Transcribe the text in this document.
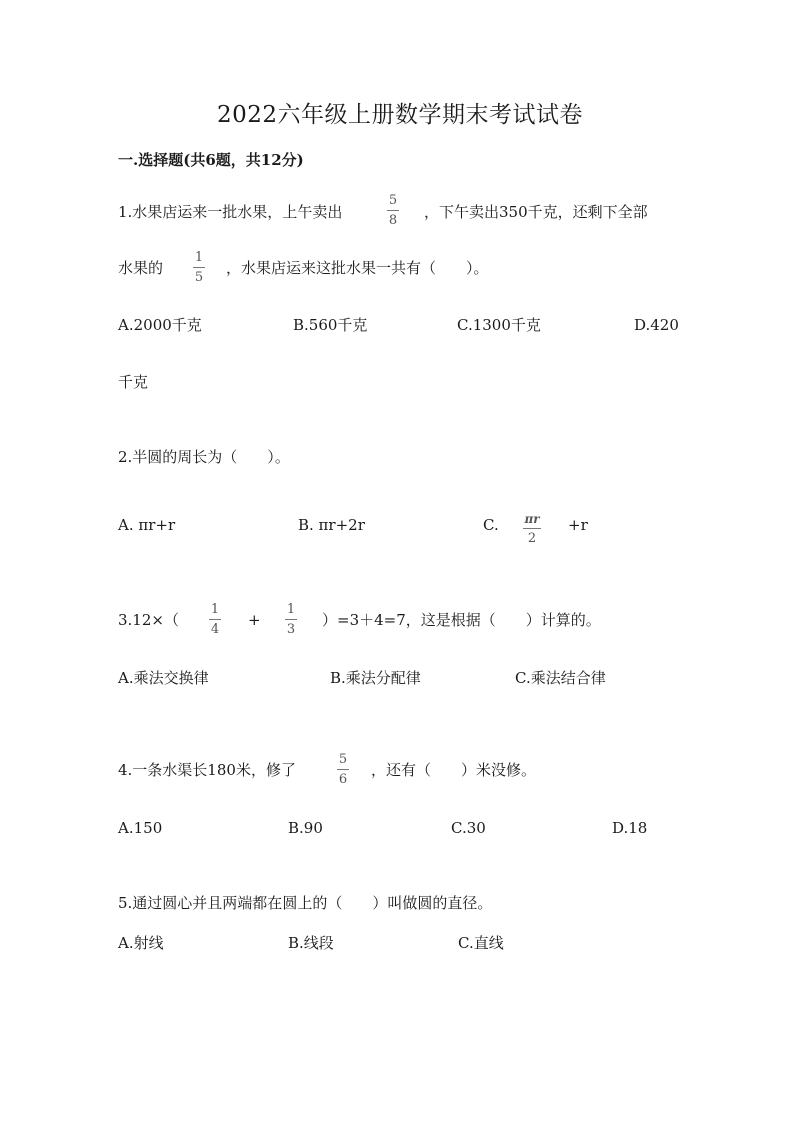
2022六年级上册数学期末考试试卷
一.选择题(共6题，共12分)
1.水果店运来一批水果，上午卖出
5
8 ，下午卖出350千克，还剩下全部
水果的
1
5
，水果店运来这批水果一共有（　　）。
A.2000千克	B.560千克	C.1300千克	D.420
千克
2.半圆的周长为（　　）。
A. πr+r	B. πr+2r	C. πr
2
+r
3.12×（
1
4
+
1
3
）=3＋4=7，这是根据（　　）计算的。
A.乘法交换律	B.乘法分配律	C.乘法结合律
4.一条水渠长180米，修了
5
6
，还有（　　）米没修。
A.150	B.90	C.30	D.18
5.通过圆心并且两端都在圆上的（　　）叫做圆的直径。
A.射线	B.线段	C.直线
